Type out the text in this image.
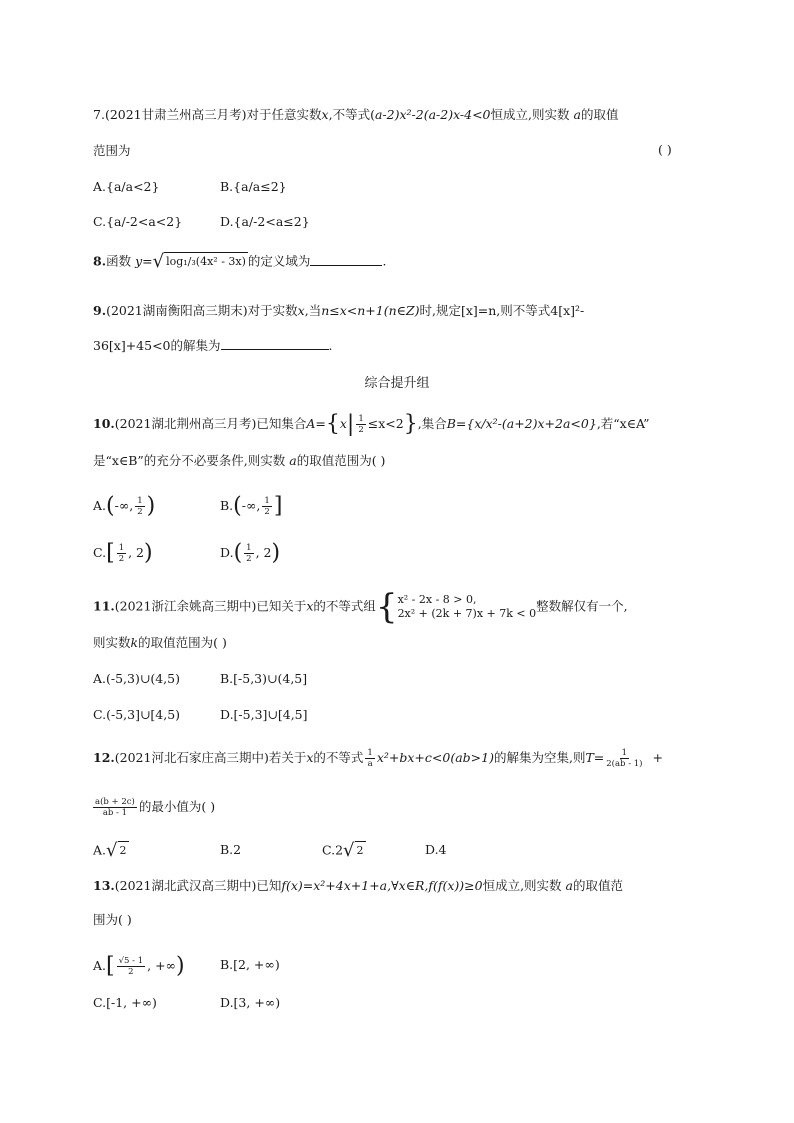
7.(2021甘肃兰州高三月考)对于任意实数x,不等式(a-2)x²-2(a-2)x-4<0恒成立,则实数 a的取值
范围为	( )
A.{a/a<2}	B.{a/a≤2}
C.{a/-2<a<2}	D.{a/-2<a≤2}
8.函数 y= √ log₁/₃(4x² - 3x) 的定义域为	.
9.(2021湖南衡阳高三期末)对于实数x,当n≤x<n+1(n∈Z)时,规定[x]=n,则不等式4[x]²-
36[x]+45<0的解集为	.
综合提升组
10.(2021湖北荆州高三月考)已知集合$A=\{x| \frac{1}{2} \le x<2\}$,集合B={x/x²-(a+2)x+2a<0},若“x∈A”
是“x∈B”的充分不必要条件,则实数 a的取值范围为( )
A.(-∞, $\frac{1}{2}$ )	B.(-∞, $\frac{1}{2}$ ]
$C.[ \frac{1}{2}$ , 2)	$D.( \frac{1}{2}$ , 2)
11.(2021浙江余姚高三期中)已知关于x的不等式组 { x² - 2x - 8 > 0,
2x² + (2k + 7)x + 7k < 0 整数解仅有一个,
则实数k的取值范围为( )
A.(-5,3)∪(4,5)	B.[-5,3)∪(4,5]
C.(-5,3]∪[4,5)	D.[-5,3]∪[4,5]
12.(2021河北石家庄高三期中)若关于x的不等式 $\frac{1}{a} x^2+bx+c<0(ab>1)$的解集为空集,则$T= \frac{1}{2(ab - 1)}$ +
$\frac{a(b + 2c)}{ab - 1}$ 的最小值为( )
A. √ 2	B.2	C.2 √ 2	D.4
13.(2021湖北武汉高三期中)已知f(x)=x²+4x+1+a,∀x∈R,f(f(x))≥0恒成立,则实数 a的取值范
围为( )
$A.[ \frac{√5 - 1}{2}$ , +∞)	B.[2, +∞)
C.[-1, +∞)	D.[3, +∞)
